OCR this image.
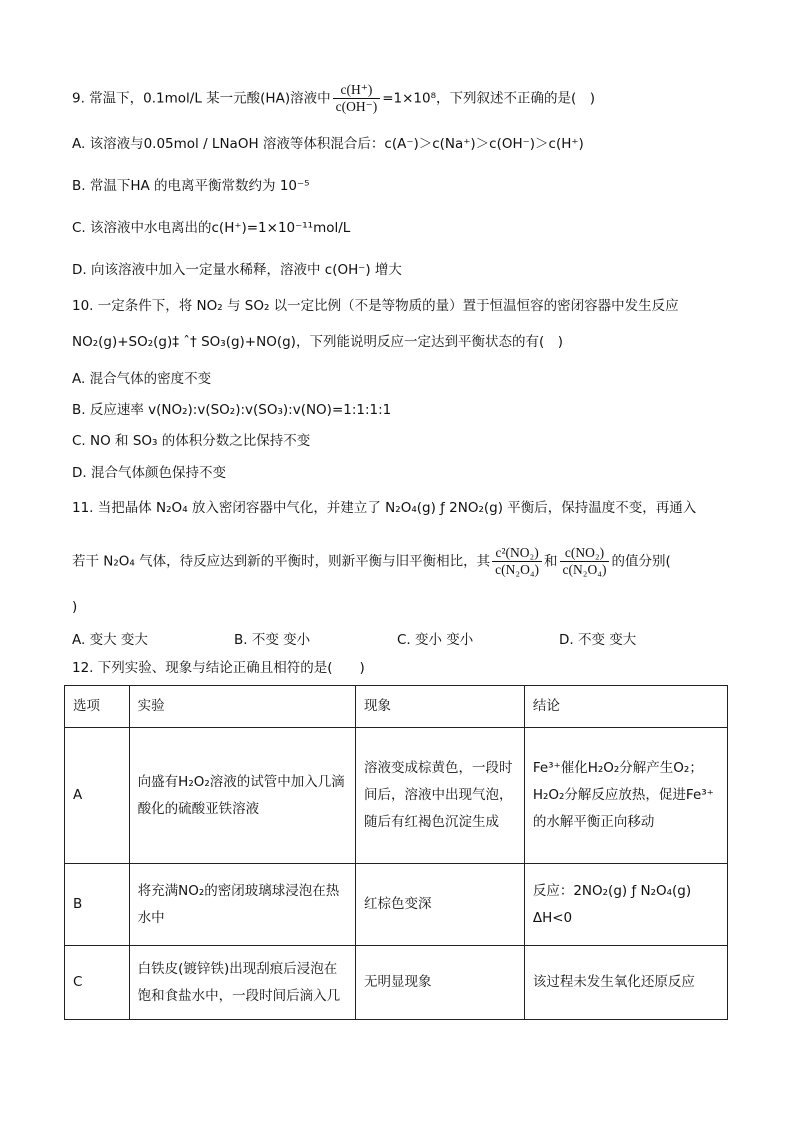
9. 常温下，0.1mol/L 某一元酸(HA)溶液中 $\frac{c(H^+)}{c(OH^-)} =1\times 10^8$，下列叙述不正确的是(　)
A. 该溶液与0.05mol / LNaOH 溶液等体积混合后：c(A⁻)＞c(Na⁺)＞c(OH⁻)＞c(H⁺)
B. 常温下HA 的电离平衡常数约为 10⁻⁵
C. 该溶液中水电离出的c(H⁺)=1×10⁻¹¹mol/L
D. 向该溶液中加入一定量水稀释，溶液中 c(OH⁻) 增大
10. 一定条件下，将 NO₂ 与 SO₂ 以一定比例（不是等物质的量）置于恒温恒容的密闭容器中发生反应
NO₂(g)+SO₂(g)‡ ˆ† SO₃(g)+NO(g)，下列能说明反应一定达到平衡状态的有(　)
A. 混合气体的密度不变
B. 反应速率 v(NO₂):v(SO₂):v(SO₃):v(NO)=1:1:1:1
C. NO 和 SO₃ 的体积分数之比保持不变
D. 混合气体颜色保持不变
11. 当把晶体 N₂O₄ 放入密闭容器中气化，并建立了 N₂O₄(g) ƒ 2NO₂(g) 平衡后，保持温度不变，再通入
若干 N₂O₄ 气体，待反应达到新的平衡时，则新平衡与旧平衡相比，其 $\frac{\text{c²(NO₂)}}{\text{c(N₂O₄)}}$ 和 $\frac{\text{c(NO₂)}}{\text{c(N₂O₄)}}$ 的值分别(
)
A. 变大 变大	B. 不变 变小	C. 变小 变小	D. 不变 变大
12. 下列实验、现象与结论正确且相符的是(　　)
选项	实验	现象	结论
A	向盛有H₂O₂溶液的试管中加入几滴酸化的硫酸亚铁溶液	溶液变成棕黄色，一段时间后，溶液中出现气泡，随后有红褐色沉淀生成	Fe³⁺催化H₂O₂分解产生O₂；H₂O₂分解反应放热，促进Fe³⁺的水解平衡正向移动
B	将充满NO₂的密闭玻璃球浸泡在热水中	红棕色变深	反应：2NO₂(g) ƒ N₂O₄(g) ΔH<0
C	白铁皮(镀锌铁)出现刮痕后浸泡在饱和食盐水中，一段时间后滴入几	无明显现象	该过程未发生氧化还原反应
